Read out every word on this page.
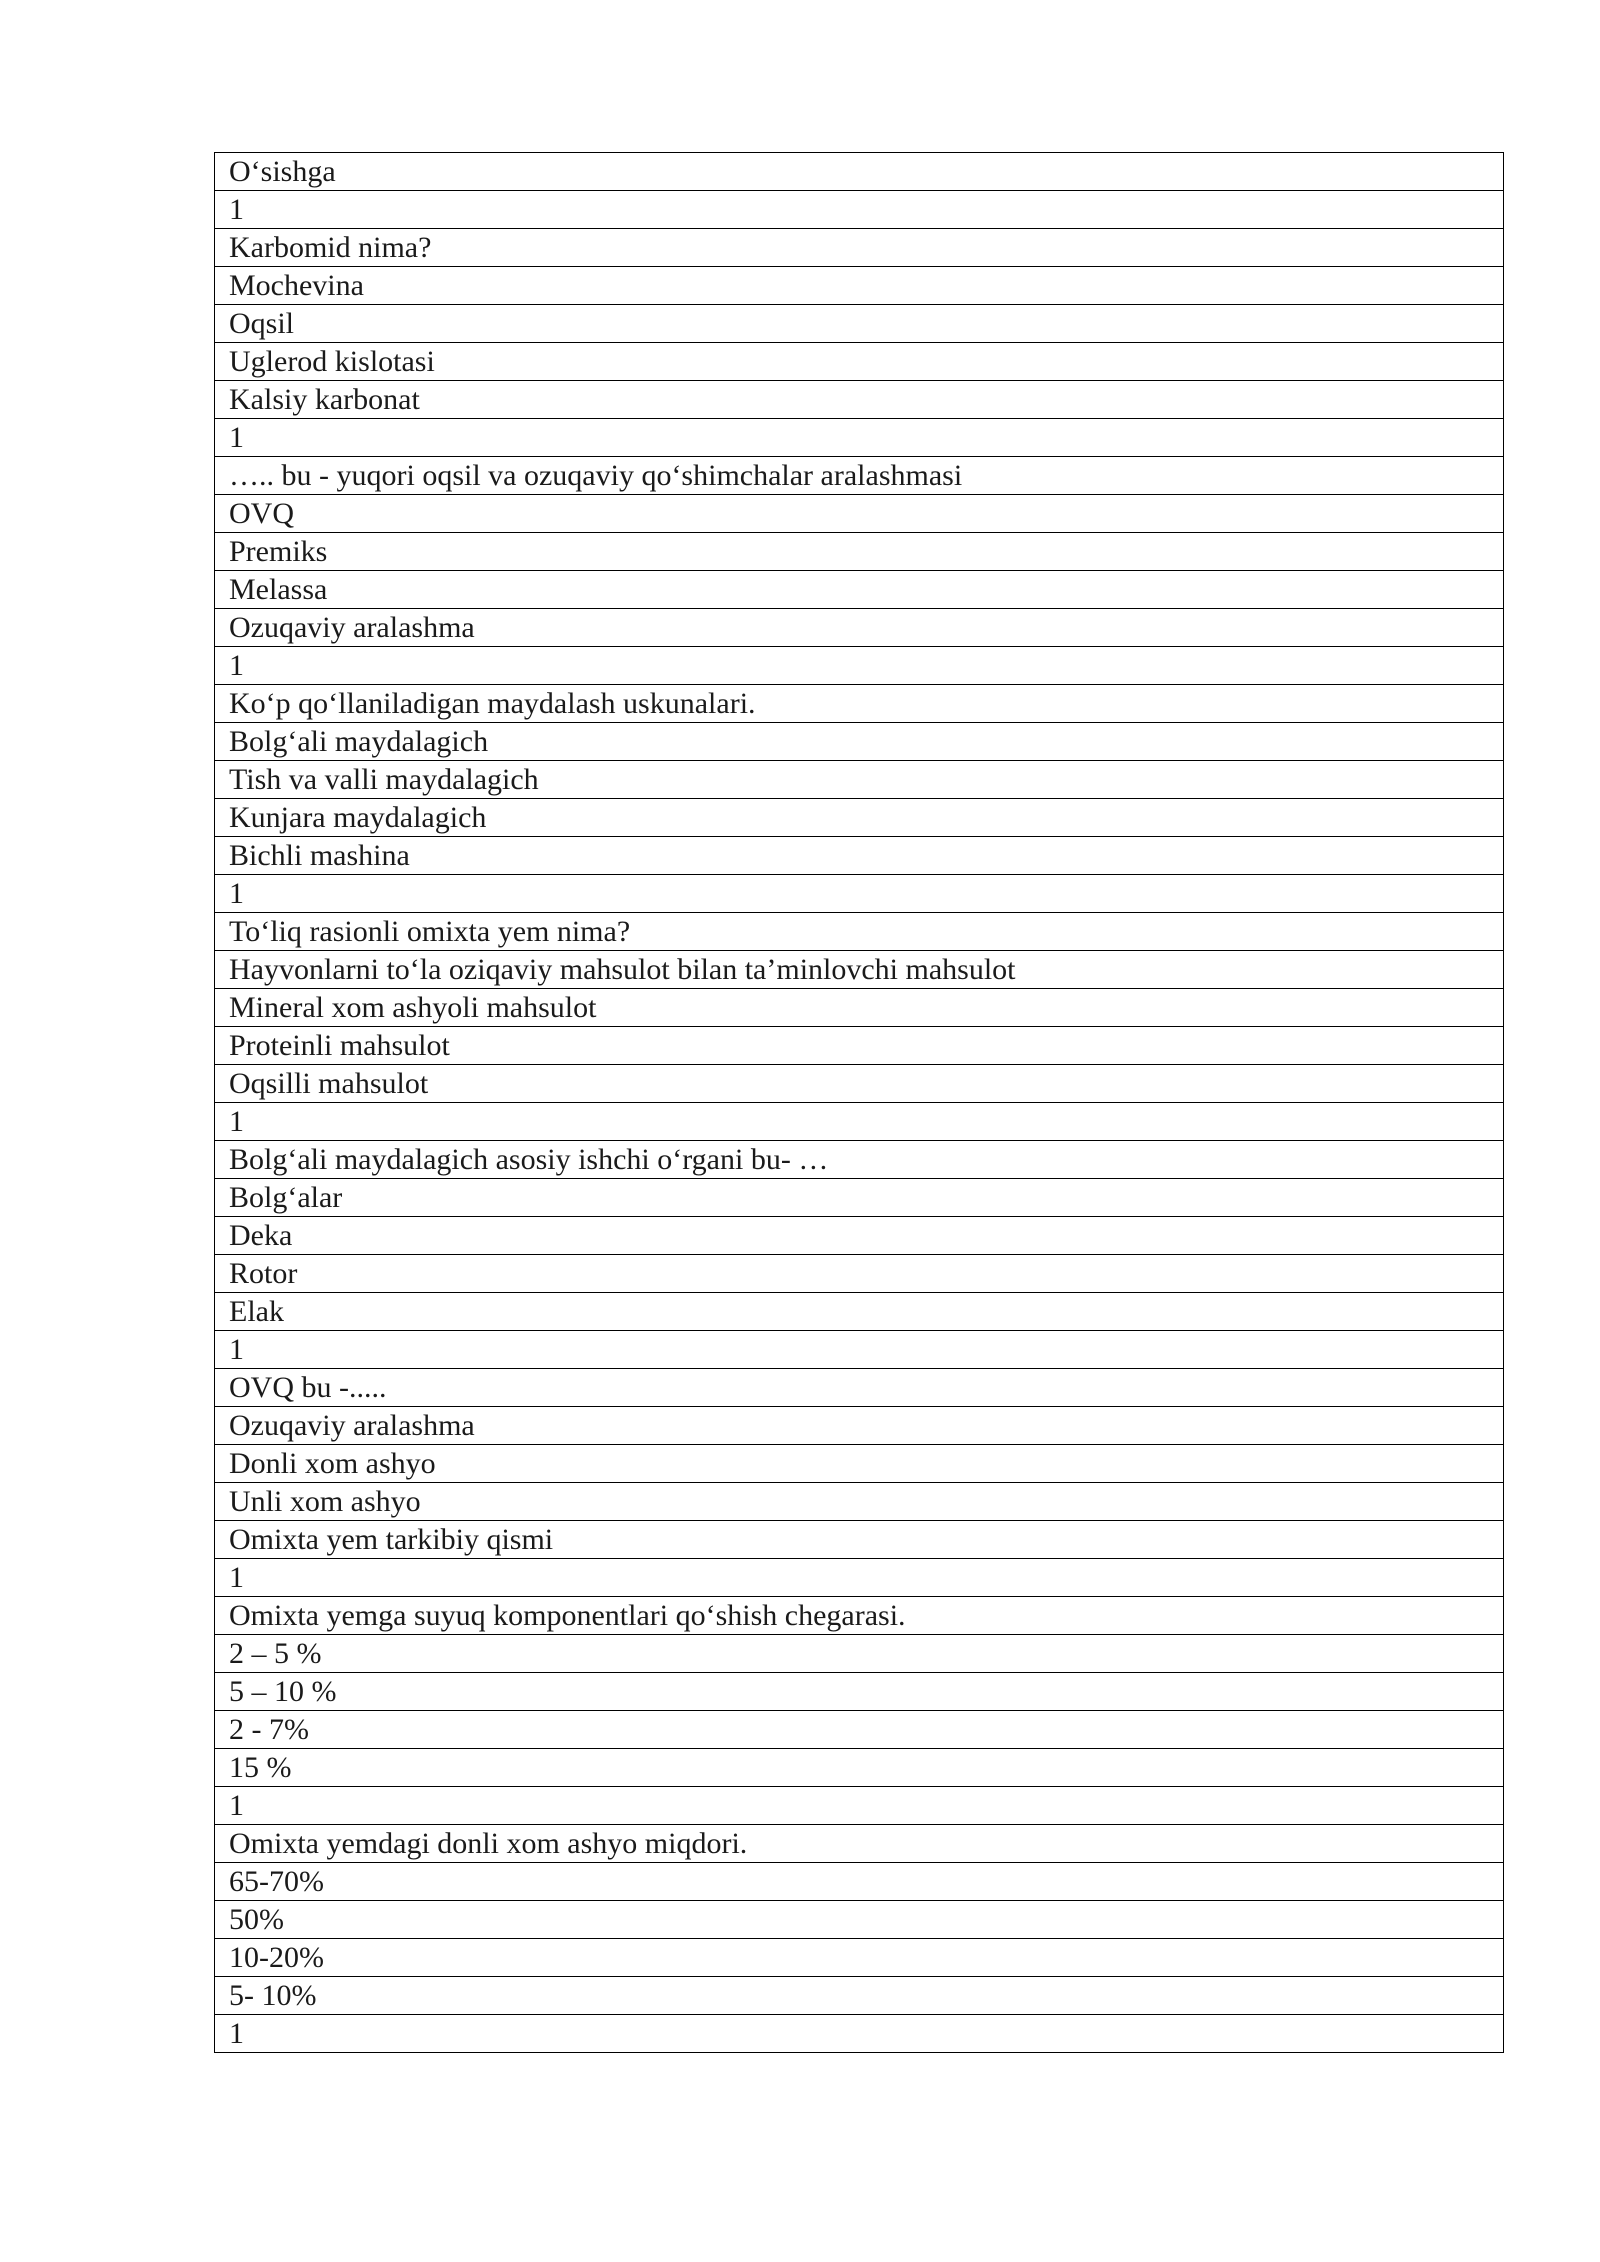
O‘sishga
1
Karbomid nima?
Mochevina
Oqsil
Uglerod kislotasi
Kalsiy karbonat
1
….. bu - yuqori oqsil va ozuqaviy qo‘shimchalar aralashmasi
OVQ
Premiks
Melassa
Ozuqaviy aralashma
1
Ko‘p qo‘llaniladigan maydalash uskunalari.
Bolg‘ali maydalagich
Tish va valli maydalagich
Kunjara maydalagich
Bichli mashina
1
To‘liq rasionli omixta yem nima?
Hayvonlarni to‘la oziqaviy mahsulot bilan ta’minlovchi mahsulot
Mineral xom ashyoli mahsulot
Proteinli mahsulot
Oqsilli mahsulot
1
Bolg‘ali maydalagich asosiy ishchi o‘rgani bu- …
Bolg‘alar
Deka
Rotor
Elak
1
OVQ bu -.....
Ozuqaviy aralashma
Donli xom ashyo
Unli xom ashyo
Omixta yem tarkibiy qismi
1
Omixta yemga suyuq komponentlari qo‘shish chegarasi.
2 – 5 %
5 – 10 %
2 - 7%
15 %
1
Omixta yemdagi donli xom ashyo miqdori.
65-70%
50%
10-20%
5- 10%
1
